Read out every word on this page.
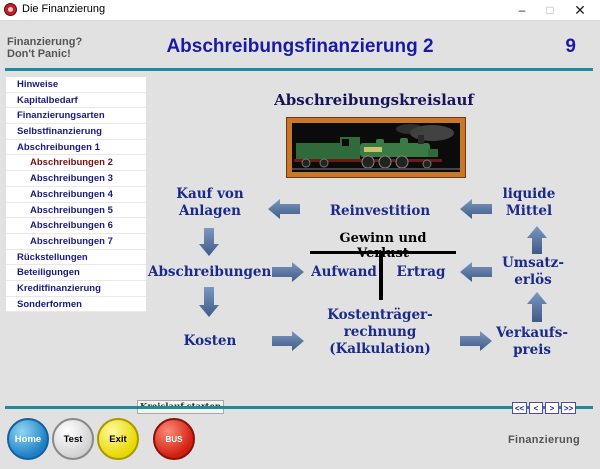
Die Finanzierung	–	□	✕
Finanzierung?
Don't Panic!	Abschreibungsfinanzierung 2	9
Hinweise
Kapitalbedarf
Finanzierungsarten
Selbstfinanzierung
Abschreibungen 1
Abschreibungen 2
Abschreibungen 3
Abschreibungen 4
Abschreibungen 5
Abschreibungen 6
Abschreibungen 7
Rückstellungen
Beteiligungen
Kreditfinanzierung
Sonderformen
Abschreibungskreislauf
Kauf von
Anlagen	Reinvestition
liquide
Mittel
Gewinn und
Aufwand	Ertrag
Abschreibungen
Umsatz-
erlös
Kosten
Kostenträger-
rechnung
(Kalkulation)
Verkaufs-
preis
<<	<	>	>>
Home	Test	Exit	BUS	Finanzierung
